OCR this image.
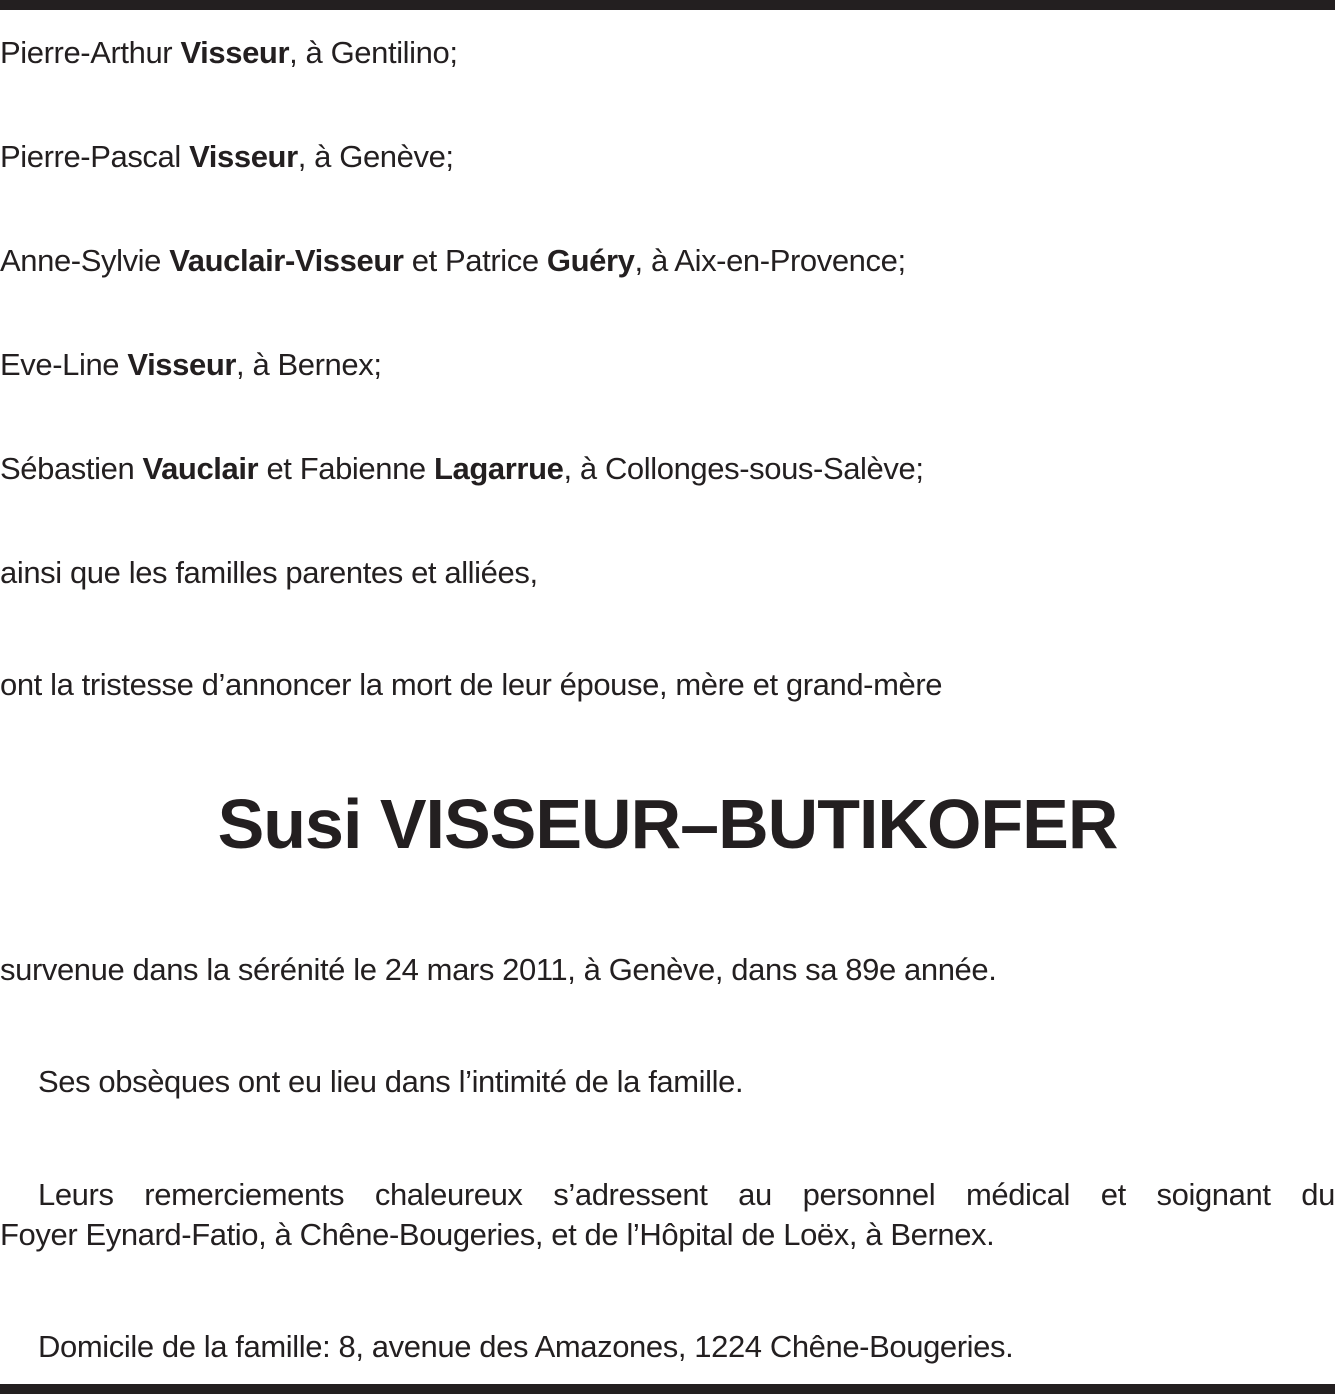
Pierre-Arthur Visseur, à Gentilino;

Pierre-Pascal Visseur, à Genève;

Anne-Sylvie Vauclair-Visseur et Patrice Guéry, à Aix-en-Provence;

Eve-Line Visseur, à Bernex;

Sébastien Vauclair et Fabienne Lagarrue, à Collonges-sous-Salève;

ainsi que les familles parentes et alliées,

ont la tristesse d’annoncer la mort de leur épouse, mère et grand-mère

Susi VISSEUR–BUTIKOFER

survenue dans la sérénité le 24 mars 2011, à Genève, dans sa 89e année.

Ses obsèques ont eu lieu dans l’intimité de la famille.

Leurs remerciements chaleureux s’adressent au personnel médical et soignant du
Foyer Eynard-Fatio, à Chêne-Bougeries, et de l’Hôpital de Loëx, à Bernex.

Domicile de la famille: 8, avenue des Amazones, 1224 Chêne-Bougeries.
